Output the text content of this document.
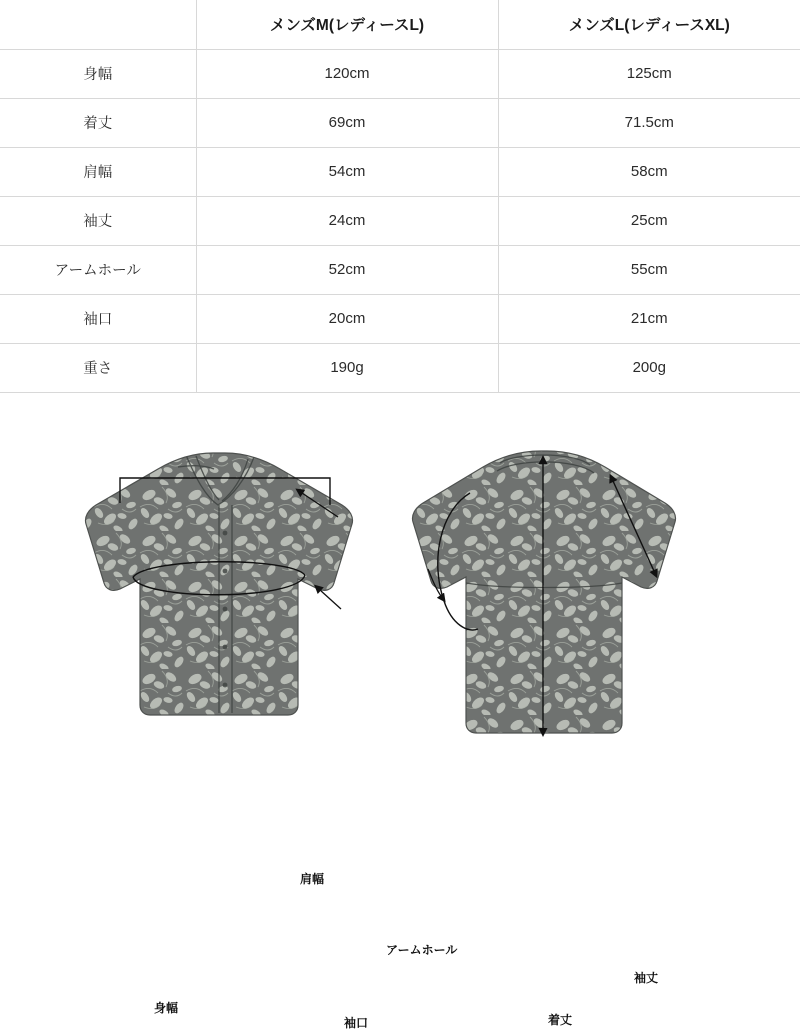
	メンズM(レディースL)	メンズL(レディースXL)
身幅	120cm	125cm
着丈	69cm	71.5cm
肩幅	54cm	58cm
袖丈	24cm	25cm
アームホール	52cm	55cm
袖口	20cm	21cm
重さ	190g	200g
肩幅
身幅
袖口
アームホール
着丈
袖丈
